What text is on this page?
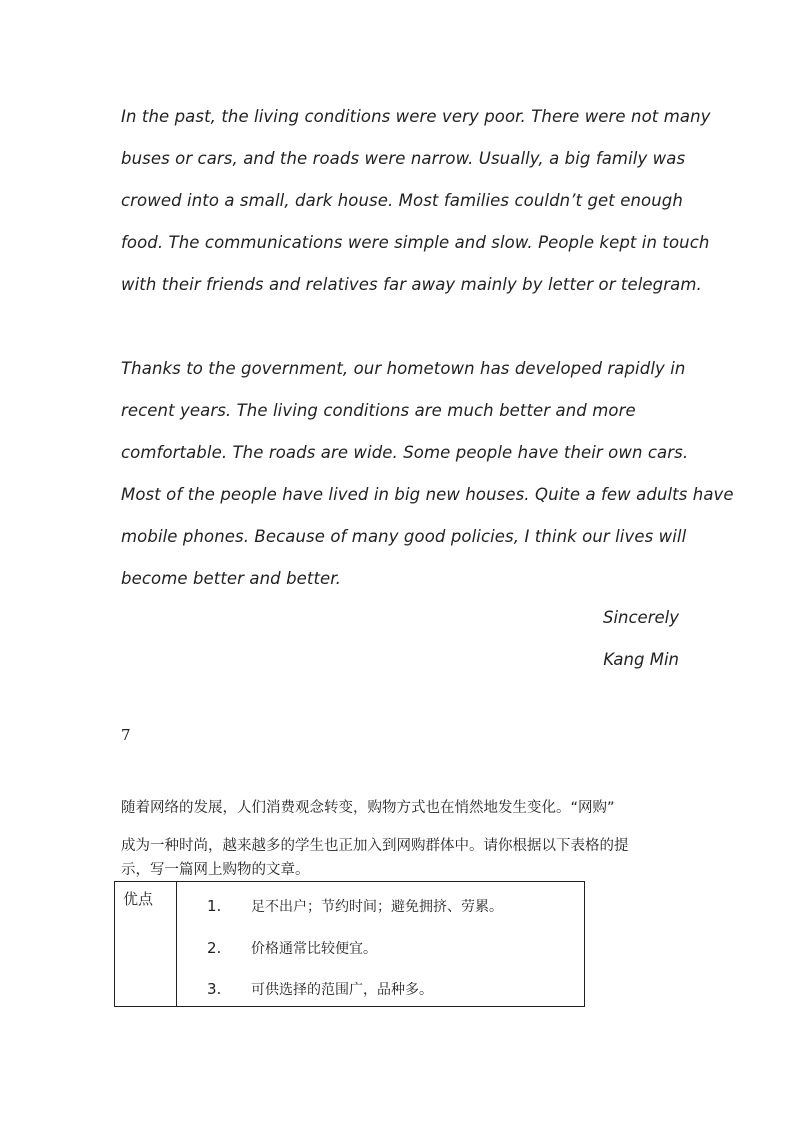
In the past, the living conditions were very poor. There were not many
buses or cars, and the roads were narrow. Usually, a big family was
crowed into a small, dark house. Most families couldn’t get enough
food. The communications were simple and slow. People kept in touch
with their friends and relatives far away mainly by letter or telegram.
Thanks to the government, our hometown has developed rapidly in
recent years. The living conditions are much better and more
comfortable. The roads are wide. Some people have their own cars.
Most of the people have lived in big new houses. Quite a few adults have
mobile phones. Because of many good policies, I think our lives will
become better and better.
Sincerely
Kang Min
7
随着网络的发展，人们消费观念转变，购物方式也在悄然地发生变化。“网购”
成为一种时尚，越来越多的学生也正加入到网购群体中。请你根据以下表格的提
示，写一篇网上购物的文章。
优点	1. 足不出户；节约时间；避免拥挤、劳累。
2. 价格通常比较便宜。
3. 可供选择的范围广，品种多。
